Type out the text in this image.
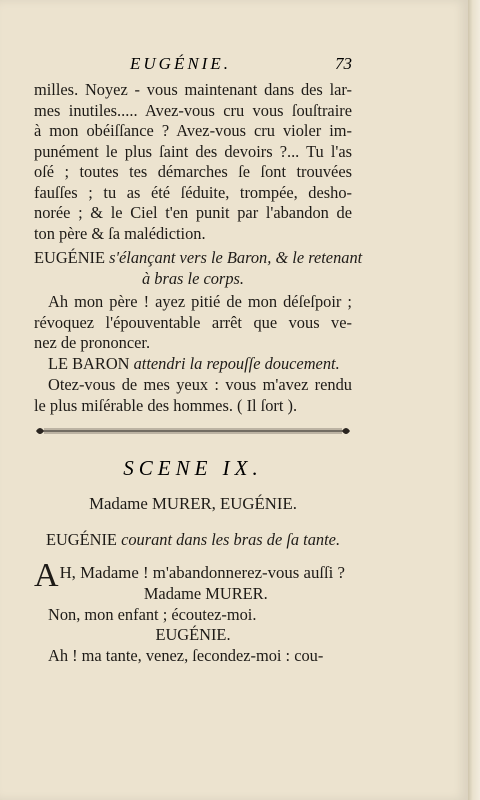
EUGÉNIE.	73
milles. Noyez - vous maintenant dans des lar-
mes inutiles..... Avez-vous cru vous ſouſtraire
à mon obéiſſance ? Avez-vous cru violer im-
punément le plus ſaint des devoirs ?... Tu l'as
oſé ; toutes tes démarches ſe ſont trouvées
fauſſes ; tu as été ſéduite, trompée, desho-
norée ; & le Ciel t'en punit par l'abandon de
ton père & ſa malédiction.
EUGÉNIE s'élançant vers le Baron, & le retenant
à bras le corps.
Ah mon père ! ayez pitié de mon déſeſpoir ;
révoquez l'épouventable arrêt que vous ve-
nez de prononcer.
LE BARON attendri la repouſſe doucement.
Otez-vous de mes yeux : vous m'avez rendu
le plus miſérable des hommes. ( Il ſort ).
SCENE IX.
Madame MURER, EUGÉNIE.
EUGÉNIE courant dans les bras de ſa tante.
A H, Madame ! m'abandonnerez-vous auſſi ?
Madame MURER.
Non, mon enfant ; écoutez-moi.
EUGÉNIE.
Ah ! ma tante, venez, ſecondez-moi : cou-
